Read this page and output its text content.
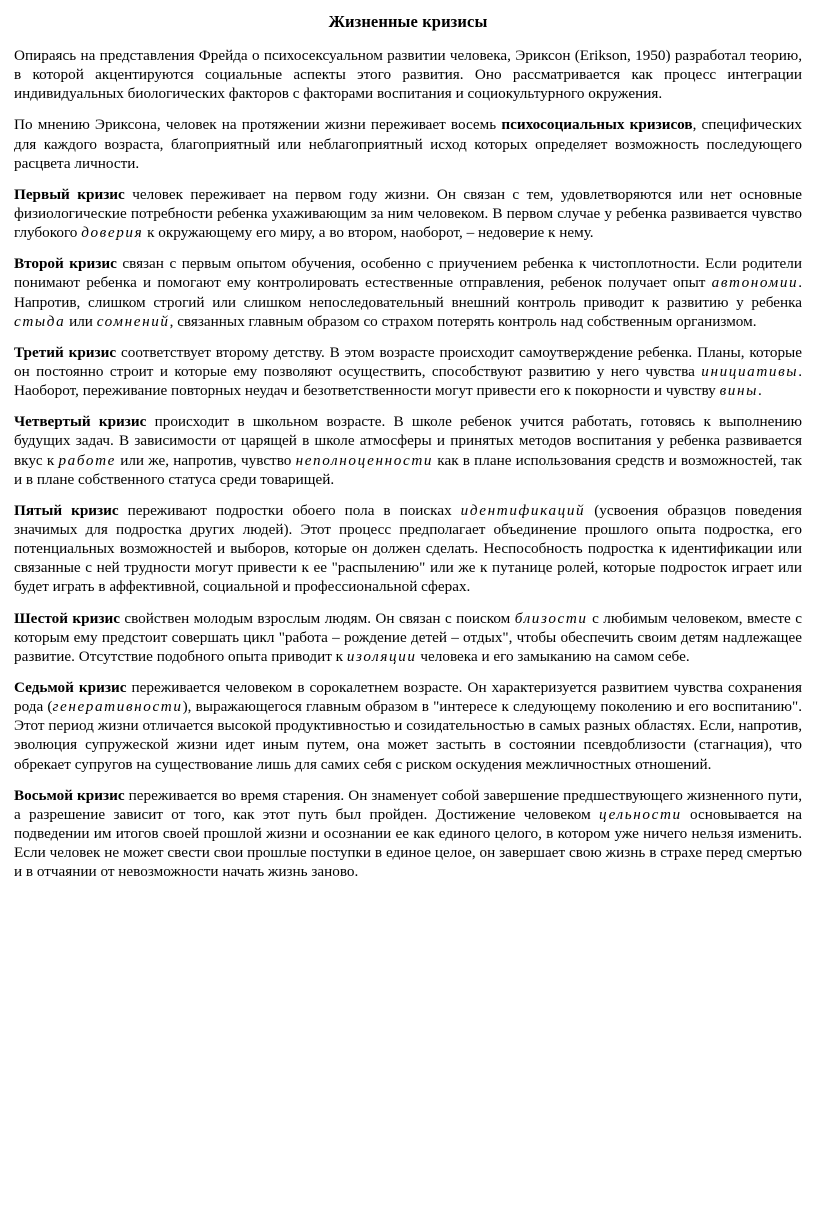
Жизненные кризисы

Опираясь на представления Фрейда о психосексуальном развитии человека, Эриксон (Erikson, 1950) разработал теорию, в которой акцентируются социальные аспекты этого развития. Оно рассматривается как процесс интеграции индивидуальных биологических факторов с факторами воспитания и социокультурного окружения.

По мнению Эриксона, человек на протяжении жизни переживает восемь психосоциальных кризисов, специфических для каждого возраста, благоприятный или неблагоприятный исход которых определяет возможность последующего расцвета личности.

Первый кризис человек переживает на первом году жизни. Он связан с тем, удовлетворяются или нет основные физиологические потребности ребенка ухаживающим за ним человеком. В первом случае у ребенка развивается чувство глубокого доверия к окружающему его миру, а во втором, наоборот, – недоверие к нему.

Второй кризис связан с первым опытом обучения, особенно с приучением ребенка к чистоплотности. Если родители понимают ребенка и помогают ему контролировать естественные отправления, ребенок получает опыт автономии. Напротив, слишком строгий или слишком непоследовательный внешний контроль приводит к развитию у ребенка стыда или сомнений, связанных главным образом со страхом потерять контроль над собственным организмом.

Третий кризис соответствует второму детству. В этом возрасте происходит самоутверждение ребенка. Планы, которые он постоянно строит и которые ему позволяют осуществить, способствуют развитию у него чувства инициативы. Наоборот, переживание повторных неудач и безответственности могут привести его к покорности и чувству вины.

Четвертый кризис происходит в школьном возрасте. В школе ребенок учится работать, готовясь к выполнению будущих задач. В зависимости от царящей в школе атмосферы и принятых методов воспитания у ребенка развивается вкус к работе или же, напротив, чувство неполноценности как в плане использования средств и возможностей, так и в плане собственного статуса среди товарищей.

Пятый кризис переживают подростки обоего пола в поисках идентификаций (усвоения образцов поведения значимых для подростка других людей). Этот процесс предполагает объединение прошлого опыта подростка, его потенциальных возможностей и выборов, которые он должен сделать. Неспособность подростка к идентификации или связанные с ней трудности могут привести к ее "распылению" или же к путанице ролей, которые подросток играет или будет играть в аффективной, социальной и профессиональной сферах.

Шестой кризис свойствен молодым взрослым людям. Он связан с поиском близости с любимым человеком, вместе с которым ему предстоит совершать цикл "работа – рождение детей – отдых", чтобы обеспечить своим детям надлежащее развитие. Отсутствие подобного опыта приводит к изоляции человека и его замыканию на самом себе.

Седьмой кризис переживается человеком в сорокалетнем возрасте. Он характеризуется развитием чувства сохранения рода (генеративности), выражающегося главным образом в "интересе к следующему поколению и его воспитанию". Этот период жизни отличается высокой продуктивностью и созидательностью в самых разных областях. Если, напротив, эволюция супружеской жизни идет иным путем, она может застыть в состоянии псевдоблизости (стагнация), что обрекает супругов на существование лишь для самих себя с риском оскудения межличностных отношений.

Восьмой кризис переживается во время старения. Он знаменует собой завершение предшествующего жизненного пути, а разрешение зависит от того, как этот путь был пройден. Достижение человеком цельности основывается на подведении им итогов своей прошлой жизни и осознании ее как единого целого, в котором уже ничего нельзя изменить. Если человек не может свести свои прошлые поступки в единое целое, он завершает свою жизнь в страхе перед смертью и в отчаянии от невозможности начать жизнь заново.
